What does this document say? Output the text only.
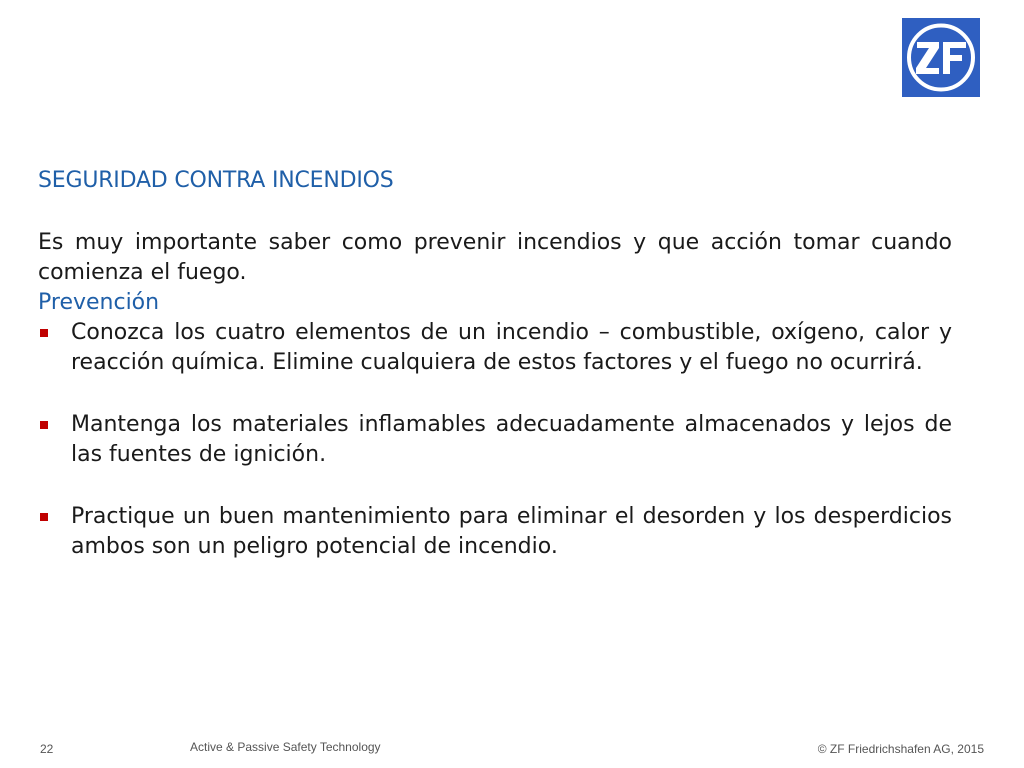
SEGURIDAD CONTRA INCENDIOS

Es muy importante saber como prevenir incendios y que acción tomar cuando comienza el fuego.

Prevención

Conozca los cuatro elementos de un incendio – combustible, oxígeno, calor y reacción química. Elimine cualquiera de estos factores y el fuego no ocurrirá.
Mantenga los materiales inflamables adecuadamente almacenados y lejos de las fuentes de ignición.
Practique un buen mantenimiento para eliminar el desorden y los desperdicios ambos son un peligro potencial de incendio.
22	Active & Passive Safety Technology	© ZF Friedrichshafen AG, 2015
